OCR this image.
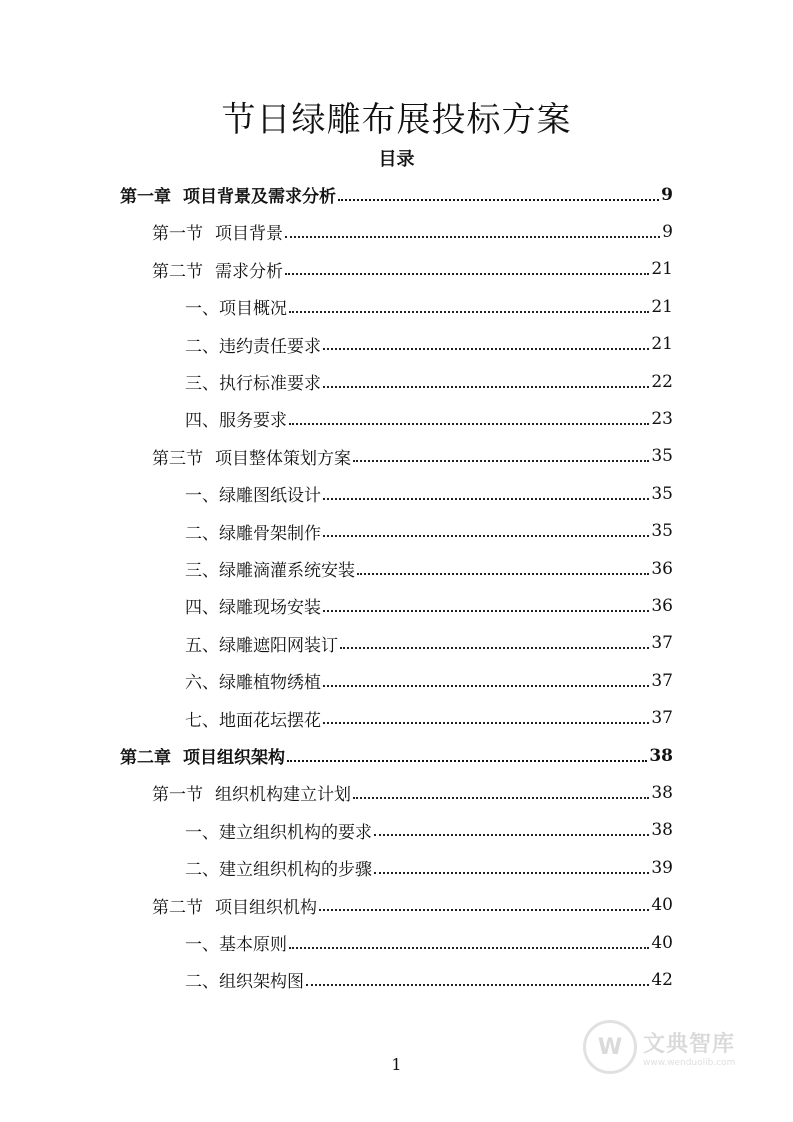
节日绿雕布展投标方案
目录
第一章 项目背景及需求分析	9
第一节 项目背景	9
第二节 需求分析	21
一、项目概况	21
二、违约责任要求	21
三、执行标准要求	22
四、服务要求	23
第三节 项目整体策划方案	35
一、绿雕图纸设计	35
二、绿雕骨架制作	35
三、绿雕滴灌系统安装	36
四、绿雕现场安装	36
五、绿雕遮阳网装订	37
六、绿雕植物绣植	37
七、地面花坛摆花	37
第二章 项目组织架构	38
第一节 组织机构建立计划	38
一、建立组织机构的要求	38
二、建立组织机构的步骤	39
第二节 项目组织机构	40
一、基本原则	40
二、组织架构图	42
1
W 文典智库
www.wenduolib.com
